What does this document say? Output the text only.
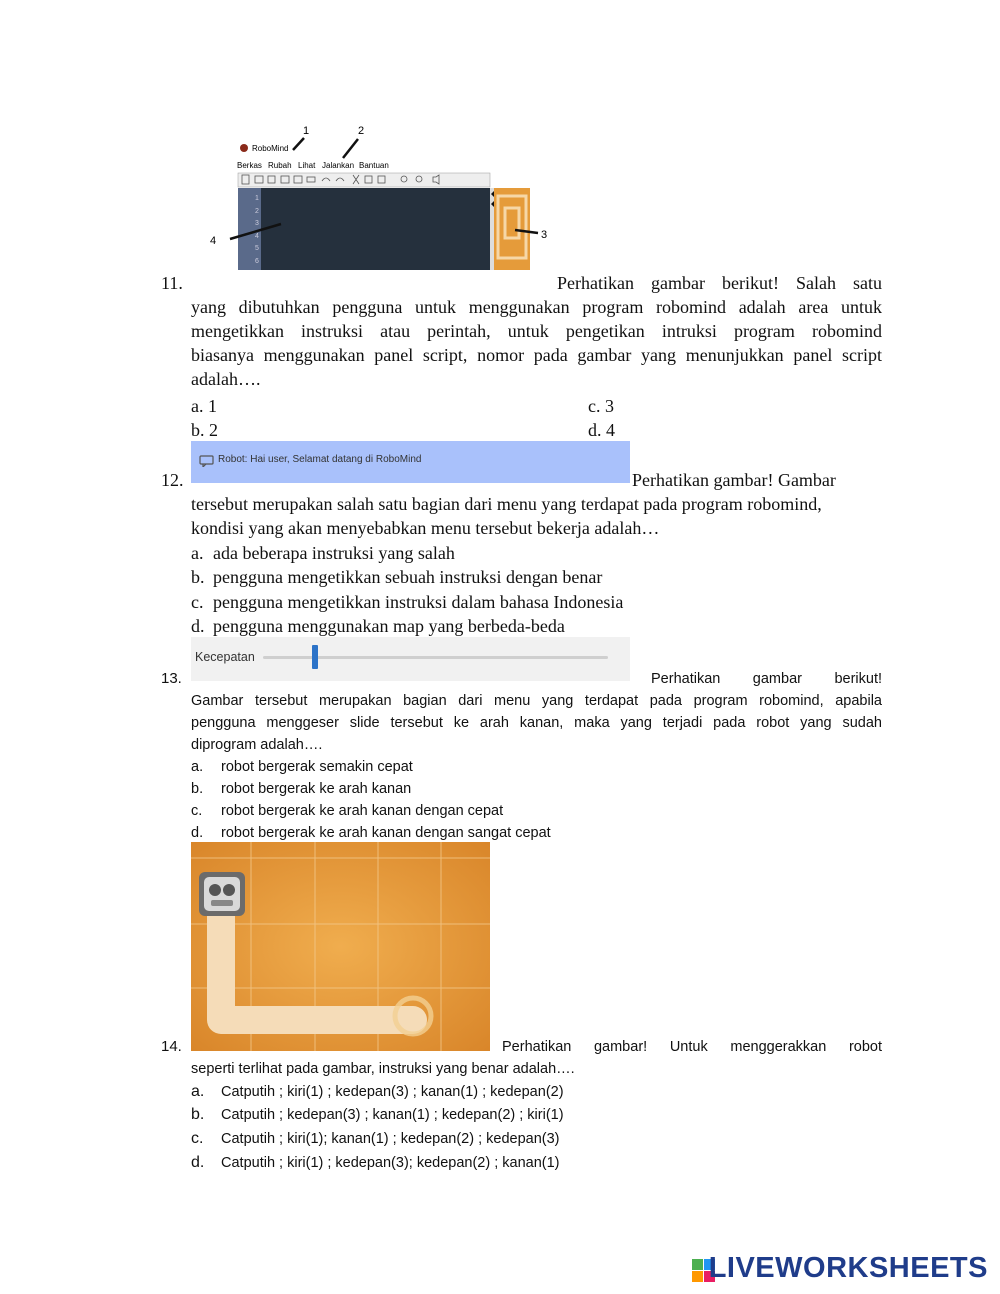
RoboMind
1	2
Berkas Rubah Lihat Jalankan Bantuan
1
2
3
4
5
6
3
4
11.	Perhatikan gambar berikut! Salah satu
yang dibutuhkan pengguna untuk menggunakan program robomind adalah area untuk
mengetikkan instruksi atau perintah, untuk pengetikan intruksi program robomind
biasanya menggunakan panel script, nomor pada gambar yang menunjukkan panel script
adalah….
a. 1	c. 3
b. 2	d. 4
Robot: Hai user, Selamat datang di RoboMind
12.	Perhatikan gambar! Gambar
tersebut merupakan salah satu bagian dari menu yang terdapat pada program robomind,
kondisi yang akan menyebabkan menu tersebut bekerja adalah…
a. ada beberapa instruksi yang salah
b. pengguna mengetikkan sebuah instruksi dengan benar
c. pengguna mengetikkan instruksi dalam bahasa Indonesia
d. pengguna menggunakan map yang berbeda-beda
Kecepatan
13.	Perhatikan gambar berikut!
Gambar tersebut merupakan bagian dari menu yang terdapat pada program robomind, apabila
pengguna menggeser slide tersebut ke arah kanan, maka yang terjadi pada robot yang sudah
diprogram adalah….
a. robot bergerak semakin cepat
b. robot bergerak ke arah kanan
c. robot bergerak ke arah kanan dengan cepat
d. robot bergerak ke arah kanan dengan sangat cepat
14.	Perhatikan gambar! Untuk menggerakkan robot
seperti terlihat pada gambar, instruksi yang benar adalah….
a. Catputih ; kiri(1) ; kedepan(3) ; kanan(1) ; kedepan(2)
b. Catputih ; kedepan(3) ; kanan(1) ; kedepan(2) ; kiri(1)
c. Catputih ; kiri(1); kanan(1) ; kedepan(2) ; kedepan(3)
d. Catputih ; kiri(1) ; kedepan(3); kedepan(2) ; kanan(1)
LIVEWORKSHEETS
